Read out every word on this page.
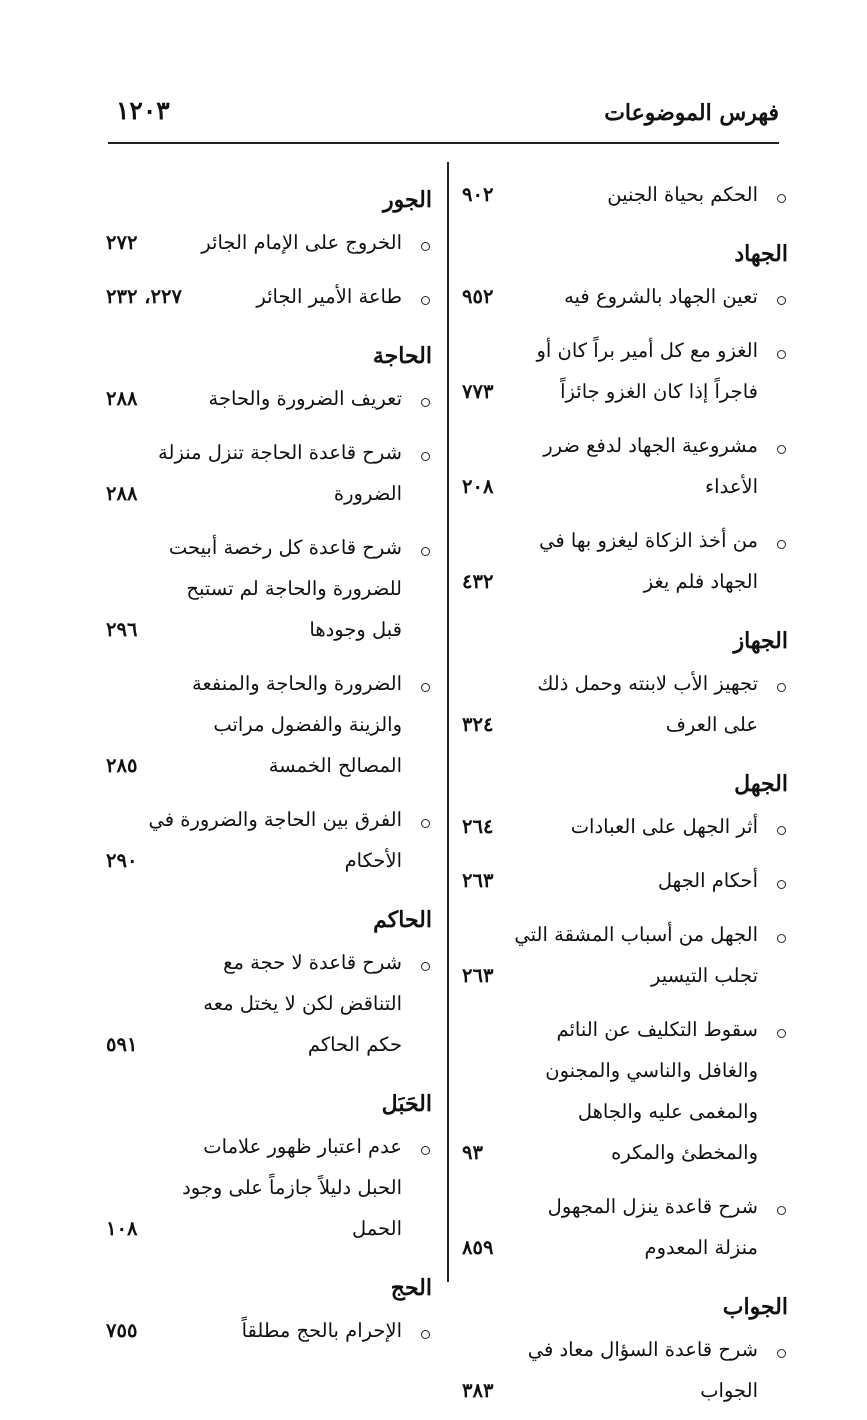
فهرس الموضوعات
١٢٠٣
الحكم بحياة الجنين
٩٠٢
الجهاد
تعين الجهاد بالشروع فيه
٩٥٢
الغزو مع كل أمير براً كان أو
فاجراً إذا كان الغزو جائزاً
٧٧٣
مشروعية الجهاد لدفع ضرر
الأعداء
٢٠٨
من أخذ الزكاة ليغزو بها في
الجهاد فلم يغز
٤٣٢
الجهاز
تجهيز الأب لابنته وحمل ذلك
على العرف
٣٢٤
الجهل
أثر الجهل على العبادات
٢٦٤
أحكام الجهل
٢٦٣
الجهل من أسباب المشقة التي
تجلب التيسير
٢٦٣
سقوط التكليف عن النائم
والغافل والناسي والمجنون
والمغمى عليه والجاهل
والمخطئ والمكره
٩٣
شرح قاعدة ينزل المجهول
منزلة المعدوم
٨٥٩
الجواب
شرح قاعدة السؤال معاد في
الجواب
٣٨٣
الجور
الخروج على الإمام الجائر
٢٧٢
طاعة الأمير الجائر
٢٢٧، ٢٣٢
الحاجة
تعريف الضرورة والحاجة
٢٨٨
شرح قاعدة الحاجة تنزل منزلة
الضرورة
٢٨٨
شرح قاعدة كل رخصة أبيحت
للضرورة والحاجة لم تستبح
قبل وجودها
٢٩٦
الضرورة والحاجة والمنفعة
والزينة والفضول مراتب
المصالح الخمسة
٢٨٥
الفرق بين الحاجة والضرورة في
الأحكام
٢٩٠
الحاكم
شرح قاعدة لا حجة مع
التناقض لكن لا يختل معه
حكم الحاكم
٥٩١
الحَبَل
عدم اعتبار ظهور علامات
الحبل دليلاً جازماً على وجود
الحمل
١٠٨
الحج
الإحرام بالحج مطلقاً
٧٥٥
